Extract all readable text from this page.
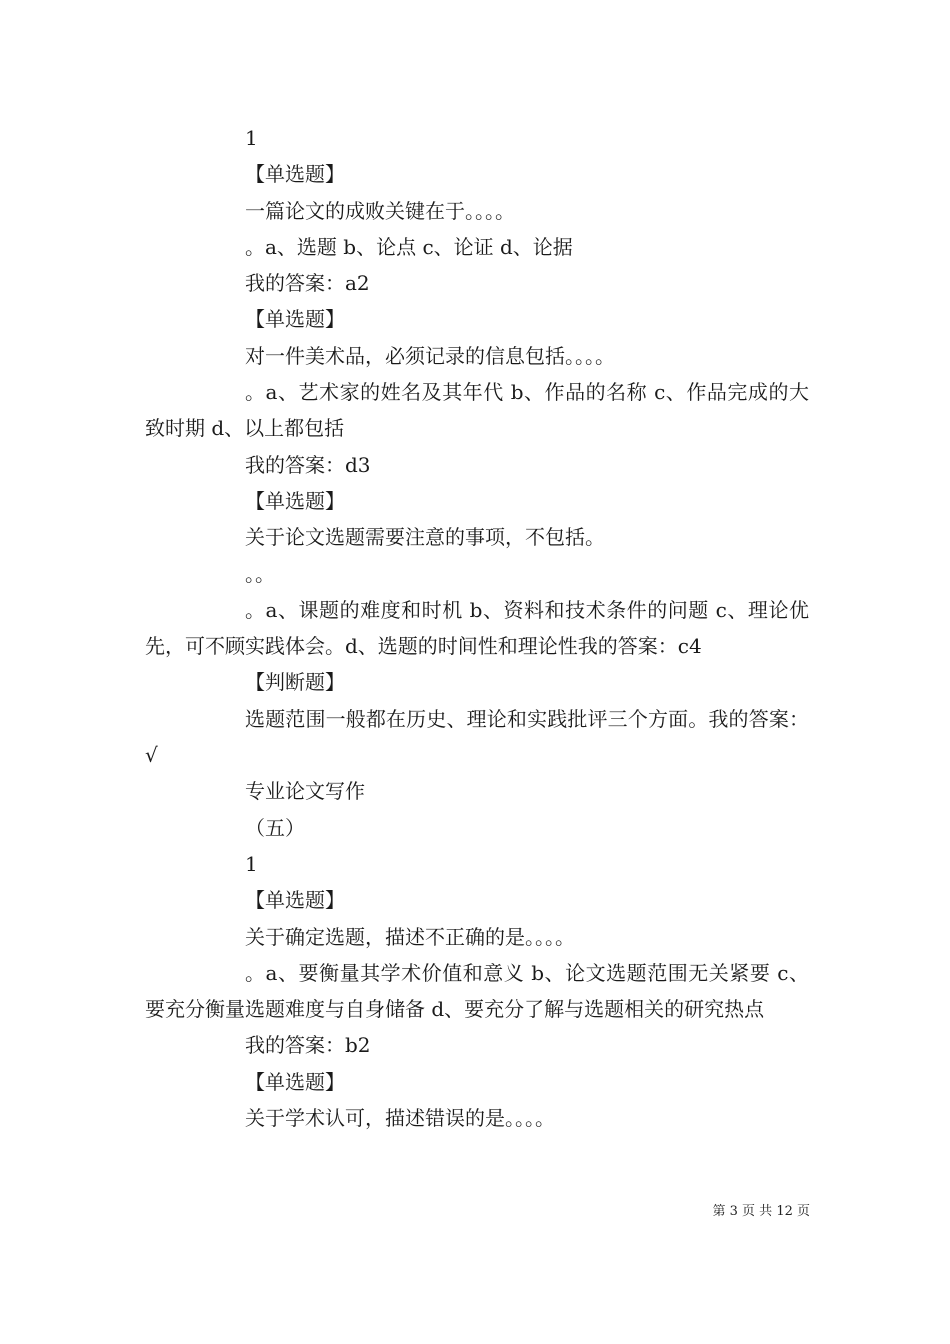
1

【单选题】

一篇论文的成败关键在于。。。。

。a、选题 b、论点 c、论证 d、论据

我的答案：a2

【单选题】

对一件美术品，必须记录的信息包括。。。。

。a、艺术家的姓名及其年代 b、作品的名称 c、作品完成的大致时期 d、以上都包括

我的答案：d3

【单选题】

关于论文选题需要注意的事项，不包括。

。。

。a、课题的难度和时机 b、资料和技术条件的问题 c、理论优先，可不顾实践体会。d、选题的时间性和理论性我的答案：c4

【判断题】

选题范围一般都在历史、理论和实践批评三个方面。我的答案：√

专业论文写作

（五）

1

【单选题】

关于确定选题，描述不正确的是。。。。

。a、要衡量其学术价值和意义 b、论文选题范围无关紧要 c、要充分衡量选题难度与自身储备 d、要充分了解与选题相关的研究热点

我的答案：b2

【单选题】

关于学术认可，描述错误的是。。。。

第 3 页 共 12 页
